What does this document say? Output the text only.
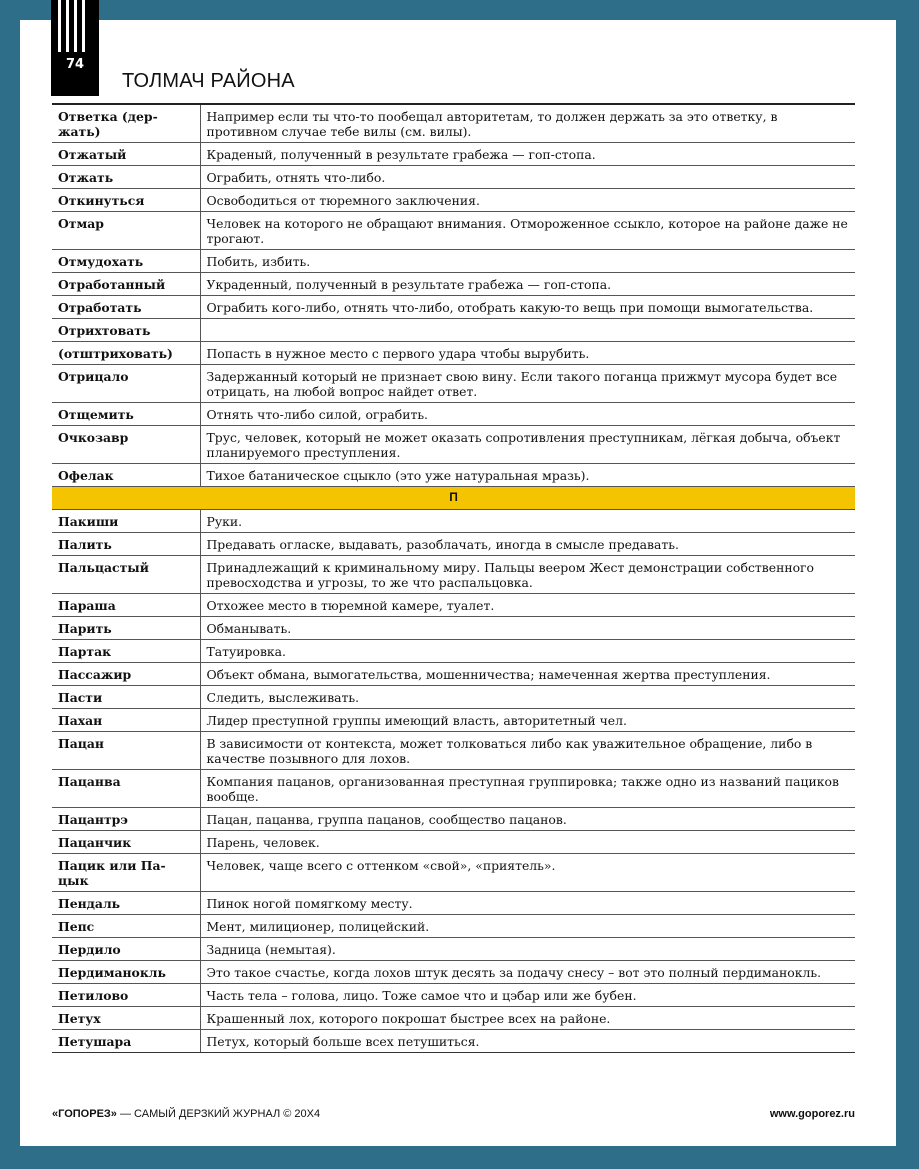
74
ТОЛМАЧ РАЙОНА
Ответка (дер-жать)	Например если ты что-то пообещал авторитетам, то должен держать за это ответку, в противном случае тебе вилы (см. вилы).
Отжатый	Краденый, полученный в результате грабежа — гоп-стопа.
Отжать	Ограбить, отнять что-либо.
Откинуться	Освободиться от тюремного заключения.
Отмар	Человек на которого не обращают внимания. Отмороженное ссыкло, которое на районе даже не трогают.
Отмудохать	Побить, избить.
Отработанный	Украденный, полученный в результате грабежа — гоп-стопа.
Отработать	Ограбить кого-либо, отнять что-либо, отобрать какую-то вещь при помощи вымогательства.
Отрихтовать	
(отштриховать)	Попасть в нужное место с первого удара чтобы вырубить.
Отрицало	Задержанный который не признает свою вину. Если такого поганца прижмут мусора будет все отрицать, на любой вопрос найдет ответ.
Отщемить	Отнять что-либо силой, ограбить.
Очкозавр	Трус, человек, который не может оказать сопротивления преступникам, лёгкая добыча, объект планируемого преступления.
Офелак	Тихое батаническое сцыкло (это уже натуральная мразь).
П	
Пакиши	Руки.
Палить	Предавать огласке, выдавать, разоблачать, иногда в смысле предавать.
Пальцастый	Принадлежащий к криминальному миру. Пальцы веером Жест демонстрации собственного превосходства и угрозы, то же что распальцовка.
Параша	Отхожее место в тюремной камере, туалет.
Парить	Обманывать.
Партак	Татуировка.
Пассажир	Объект обмана, вымогательства, мошенничества; намеченная жертва преступления.
Пасти	Следить, выслеживать.
Пахан	Лидер преступной группы имеющий власть, авторитетный чел.
Пацан	В зависимости от контекста, может толковаться либо как уважительное обращение, либо в качестве позывного для лохов.
Пацанва	Компания пацанов, организованная преступная группировка; также одно из названий пациков вообще.
Пацантрэ	Пацан, пацанва, группа пацанов, сообщество пацанов.
Пацанчик	Парень, человек.
Пацик или Па-цык	Человек, чаще всего с оттенком «свой», «приятель».
Пендаль	Пинок ногой помягкому месту.
Пепс	Мент, милиционер, полицейский.
Пердило	Задница (немытая).
Пердиманокль	Это такое счастье, когда лохов штук десять за подачу снесу – вот это полный пердиманокль.
Петилово	Часть тела – голова, лицо. Тоже самое что и цэбар или же бубен.
Петух	Крашенный лох, которого покрошат быстрее всех на районе.
Петушара	Петух, который больше всех петушиться.
«ГОПОРЕЗ» — САМЫЙ ДЕРЗКИЙ ЖУРНАЛ © 20X4	www.goporez.ru
